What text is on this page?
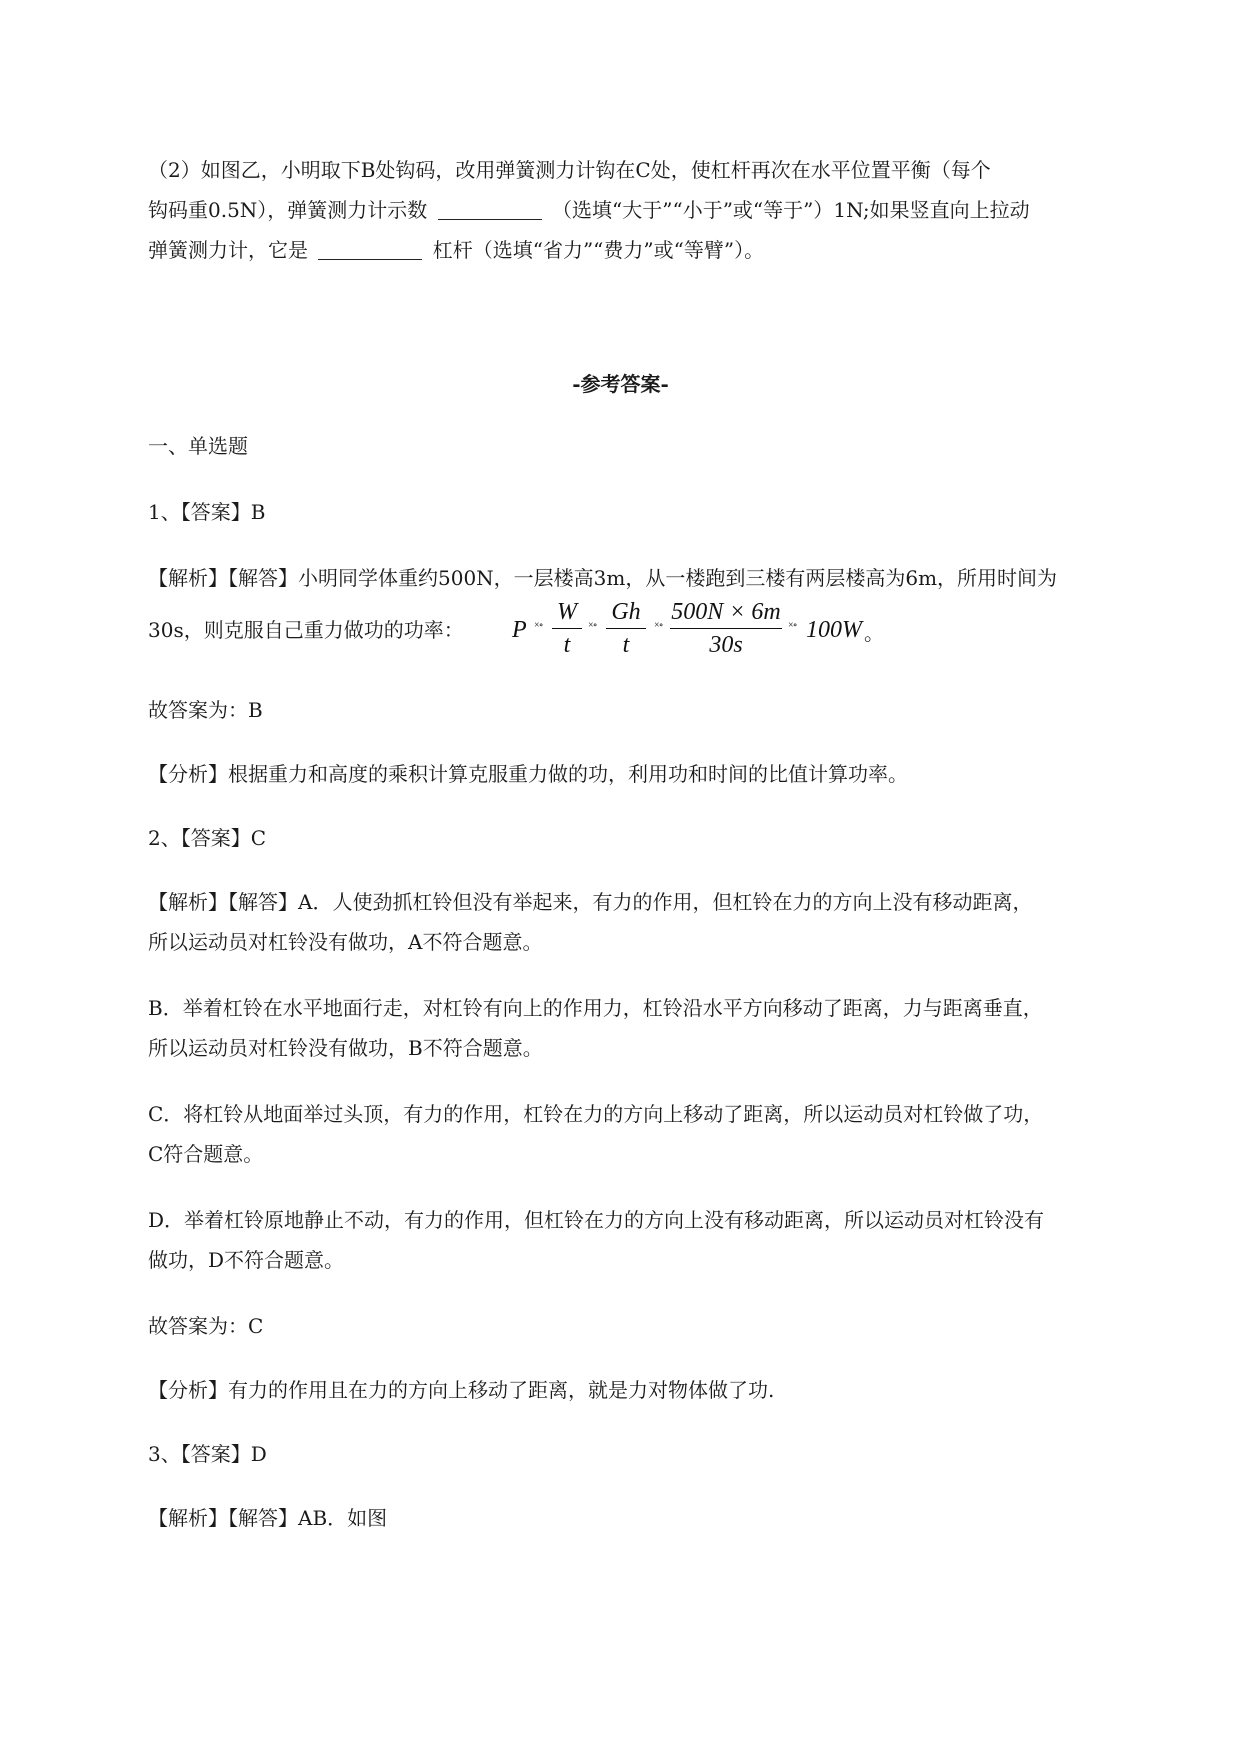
（2）如图乙，小明取下B处钩码，改用弹簧测力计钩在C处，使杠杆再次在水平位置平衡（每个
钩码重0.5N），弹簧测力计示数	（选填“大于”“小于”或“等于”）1N;如果竖直向上拉动
弹簧测力计，它是	杠杆（选填“省力”“费力”或“等臂”）。
-参考答案-
一、单选题
1、【答案】B
【解析】【解答】小明同学体重约500N，一层楼高3m，从一楼跑到三楼有两层楼高为6m，所用时间为
30s，则克服自己重力做功的功率：	P ×∘
W
t
×∘
Gh
t
×∘
500N × 6m
30s
×∘ 100W 。
故答案为：B
【分析】根据重力和高度的乘积计算克服重力做的功，利用功和时间的比值计算功率。
2、【答案】C
【解析】【解答】A．人使劲抓杠铃但没有举起来，有力的作用，但杠铃在力的方向上没有移动距离，
所以运动员对杠铃没有做功，A不符合题意。
B．举着杠铃在水平地面行走，对杠铃有向上的作用力，杠铃沿水平方向移动了距离，力与距离垂直，
所以运动员对杠铃没有做功，B不符合题意。
C．将杠铃从地面举过头顶，有力的作用，杠铃在力的方向上移动了距离，所以运动员对杠铃做了功，
C符合题意。
D．举着杠铃原地静止不动，有力的作用，但杠铃在力的方向上没有移动距离，所以运动员对杠铃没有
做功，D不符合题意。
故答案为：C
【分析】有力的作用且在力的方向上移动了距离，就是力对物体做了功.
3、【答案】D
【解析】【解答】AB．如图
